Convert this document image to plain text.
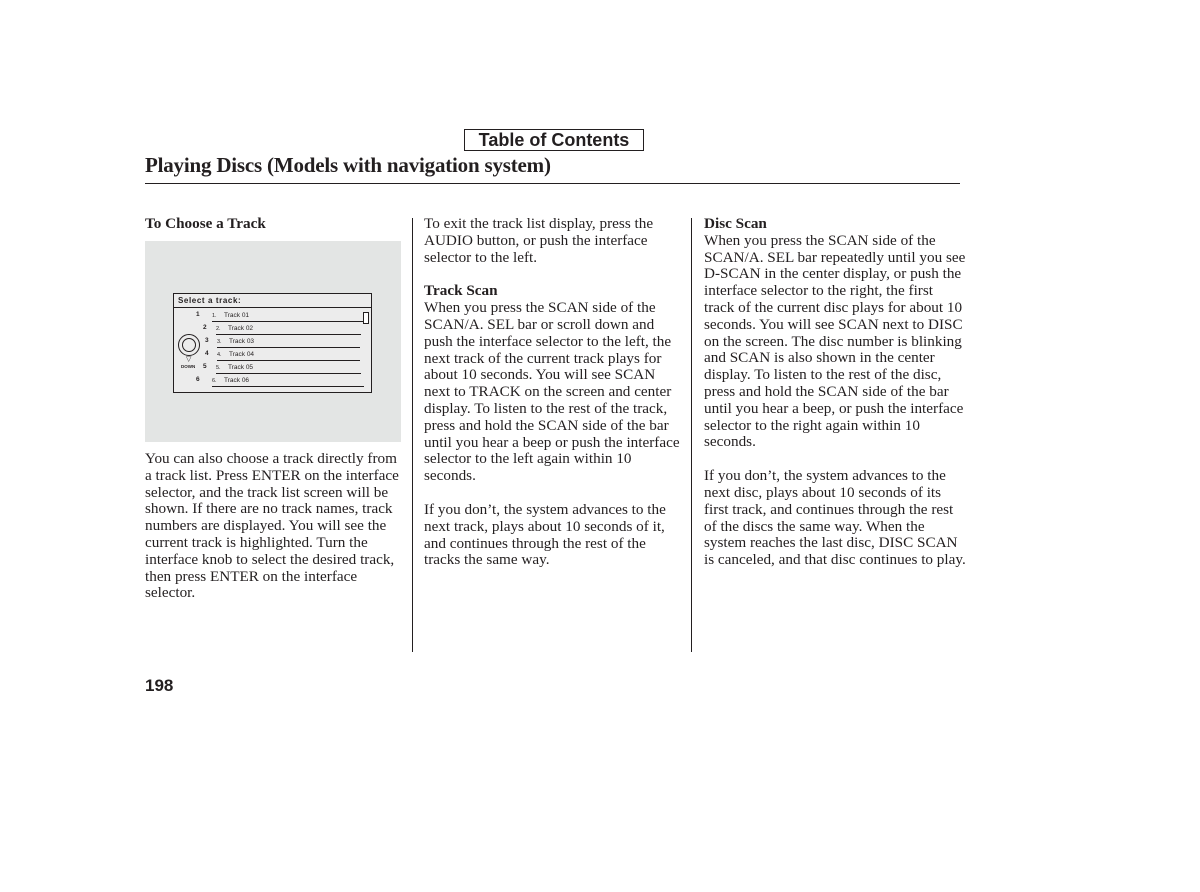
Table of Contents
Playing Discs (Models with navigation system)

To Choose a Track

Select a track:
1
2
3
4
5
6
▽
DOWN
1. Track 01
2. Track 02
3. Track 03
4. Track 04
5. Track 05
6. Track 06

You can also choose a track directly from a track list. Press ENTER on the interface selector, and the track list screen will be shown. If there are no track names, track numbers are displayed. You will see the current track is highlighted. Turn the interface knob to select the desired track, then press ENTER on the interface selector.

To exit the track list display, press the AUDIO button, or push the interface selector to the left.

Track Scan

When you press the SCAN side of the SCAN/A. SEL bar or scroll down and push the interface selector to the left, the next track of the current track plays for about 10 seconds. You will see SCAN next to TRACK on the screen and center display. To listen to the rest of the track, press and hold the SCAN side of the bar until you hear a beep or push the interface selector to the left again within 10 seconds.

If you don’t, the system advances to the next track, plays about 10 seconds of it, and continues through the rest of the tracks the same way.

Disc Scan

When you press the SCAN side of the SCAN/A. SEL bar repeatedly until you see D-SCAN in the center display, or push the interface selector to the right, the first track of the current disc plays for about 10 seconds. You will see SCAN next to DISC on the screen. The disc number is blinking and SCAN is also shown in the center display. To listen to the rest of the disc, press and hold the SCAN side of the bar until you hear a beep, or push the interface selector to the right again within 10 seconds.

If you don’t, the system advances to the next disc, plays about 10 seconds of its first track, and continues through the rest of the discs the same way. When the system reaches the last disc, DISC SCAN is canceled, and that disc continues to play.

198
